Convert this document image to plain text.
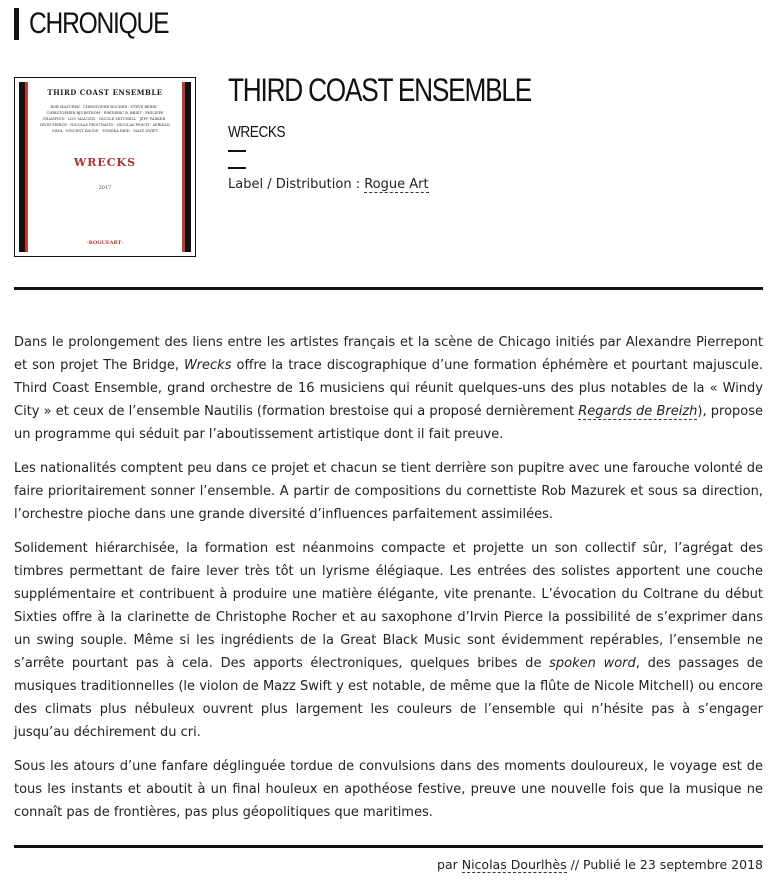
CHRONIQUE
THIRD COAST ENSEMBLE
ROB MAZUREK · CHRISTOPHE ROCHER · STEVE BERRY · CHRISTOPHER BJURSTRÖM · FRÉDÉRIC B. BRIET · PHILIPPE CHAMPION · LOU MALOZZI · NICOLE MITCHELL · JEFF PARKER · IRVIN PIERCE · NICOLAS PEOUTANTO · NICOLAS PESCH · AFRIKAN SIMA · VINCENT RAUDE · TOMEKA REID · MAZZ SWIFT
WRECKS
2017
·ROGUEART·
THIRD COAST ENSEMBLE
WRECKS
Label / Distribution : Rogue Art

Dans le prolongement des liens entre les artistes français et la scène de Chicago initiés par Alexandre Pierrepont et son projet The Bridge, Wrecks offre la trace discographique d’une formation éphémère et pourtant majuscule. Third Coast Ensemble, grand orchestre de 16 musiciens qui réunit quelques-uns des plus notables de la « Windy City » et ceux de l’ensemble Nautilis (formation brestoise qui a proposé dernièrement Regards de Breizh), propose un programme qui séduit par l’aboutissement artistique dont il fait preuve.

Les nationalités comptent peu dans ce projet et chacun se tient derrière son pupitre avec une farouche volonté de faire prioritairement sonner l’ensemble. A partir de compositions du cornettiste Rob Mazurek et sous sa direction, l’orchestre pioche dans une grande diversité d’influences parfaitement assimilées.

Solidement hiérarchisée, la formation est néanmoins compacte et projette un son collectif sûr, l’agrégat des timbres permettant de faire lever très tôt un lyrisme élégiaque. Les entrées des solistes apportent une couche supplémentaire et contribuent à produire une matière élégante, vite prenante. L’évocation du Coltrane du début Sixties offre à la clarinette de Christophe Rocher et au saxophone d’Irvin Pierce la possibilité de s’exprimer dans un swing souple. Même si les ingrédients de la Great Black Music sont évidemment repérables, l’ensemble ne s’arrête pourtant pas à cela. Des apports électroniques, quelques bribes de spoken word, des passages de musiques traditionnelles (le violon de Mazz Swift y est notable, de même que la flûte de Nicole Mitchell) ou encore des climats plus nébuleux ouvrent plus largement les couleurs de l’ensemble qui n’hésite pas à s’engager jusqu’au déchirement du cri.

Sous les atours d’une fanfare déglinguée tordue de convulsions dans des moments douloureux, le voyage est de tous les instants et aboutit à un final houleux en apothéose festive, preuve une nouvelle fois que la musique ne connaît pas de frontières, pas plus géopolitiques que maritimes.

par Nicolas Dourlhès // Publié le 23 septembre 2018
